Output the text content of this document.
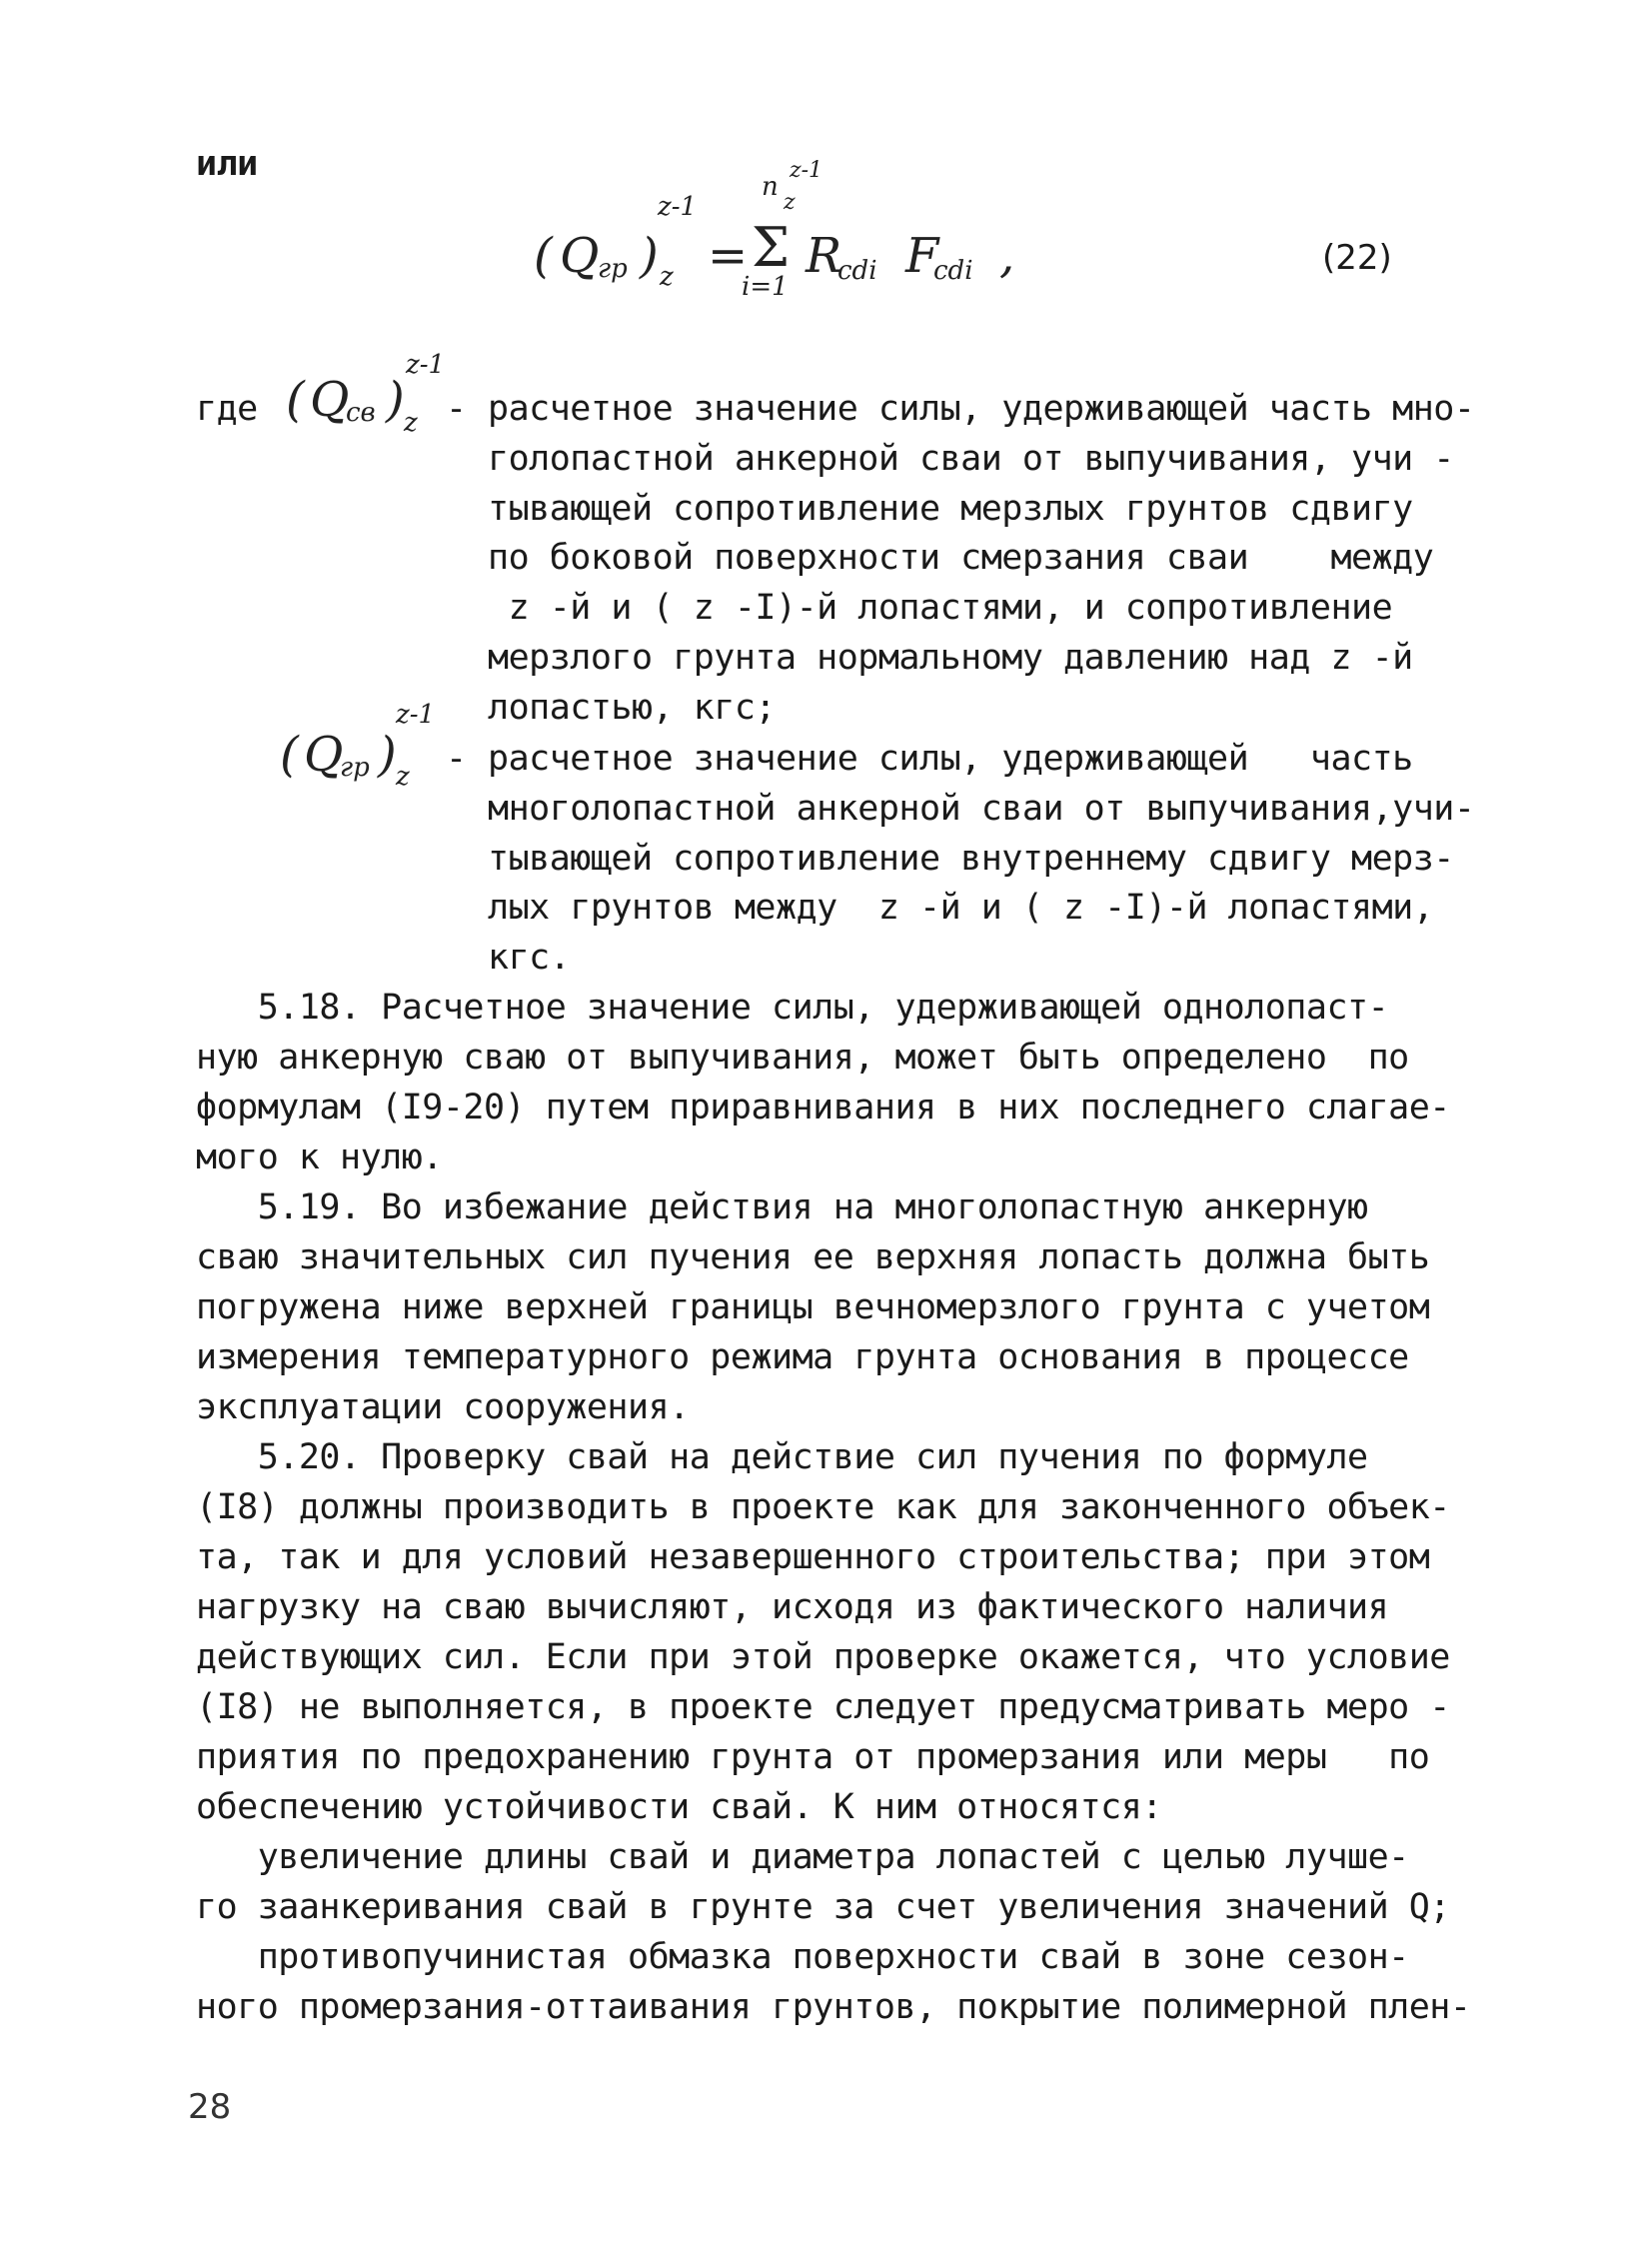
или
( Q
гр ) z
z-1
=
n
z-1
z
Σ
i=1
R
cdi F
cdi ,	(22)
где ( Q
св ) z
z-1
- расчетное значение силы, удерживающей часть мно-
голопастной анкерной сваи от выпучивания, учи -
тывающей сопротивление мерзлых грунтов сдвигу
по боковой поверхности смерзания сваи    между
z -й и ( z -I)-й лопастями, и сопротивление
мерзлого грунта нормальному давлению над z -й
лопастью, кгс;
( Q
гр ) z
z-1
- расчетное значение силы, удерживающей   часть
многолопастной анкерной сваи от выпучивания,учи-
тывающей сопротивление внутреннему сдвигу мерз-
лых грунтов между  z -й и ( z -I)-й лопастями,
кгс.
5.18. Расчетное значение силы, удерживающей однолопаст-
ную анкерную сваю от выпучивания, может быть определено  по
формулам (I9-20) путем приравнивания в них последнего слагае-
мого к нулю.
5.19. Во избежание действия на многолопастную анкерную
сваю значительных сил пучения ее верхняя лопасть должна быть
погружена ниже верхней границы вечномерзлого грунта с учетом
измерения температурного режима грунта основания в процессе
эксплуатации сооружения.
5.20. Проверку свай на действие сил пучения по формуле
(I8) должны производить в проекте как для законченного объек-
та, так и для условий незавершенного строительства; при этом
нагрузку на сваю вычисляют, исходя из фактического наличия
действующих сил. Если при этой проверке окажется, что условие
(I8) не выполняется, в проекте следует предусматривать меро -
приятия по предохранению грунта от промерзания или меры   по
обеспечению устойчивости свай. К ним относятся:
увеличение длины свай и диаметра лопастей с целью лучше-
го заанкеривания свай в грунте за счет увеличения значений Q;
противопучинистая обмазка поверхности свай в зоне сезон-
ного промерзания-оттаивания грунтов, покрытие полимерной плен-
28
